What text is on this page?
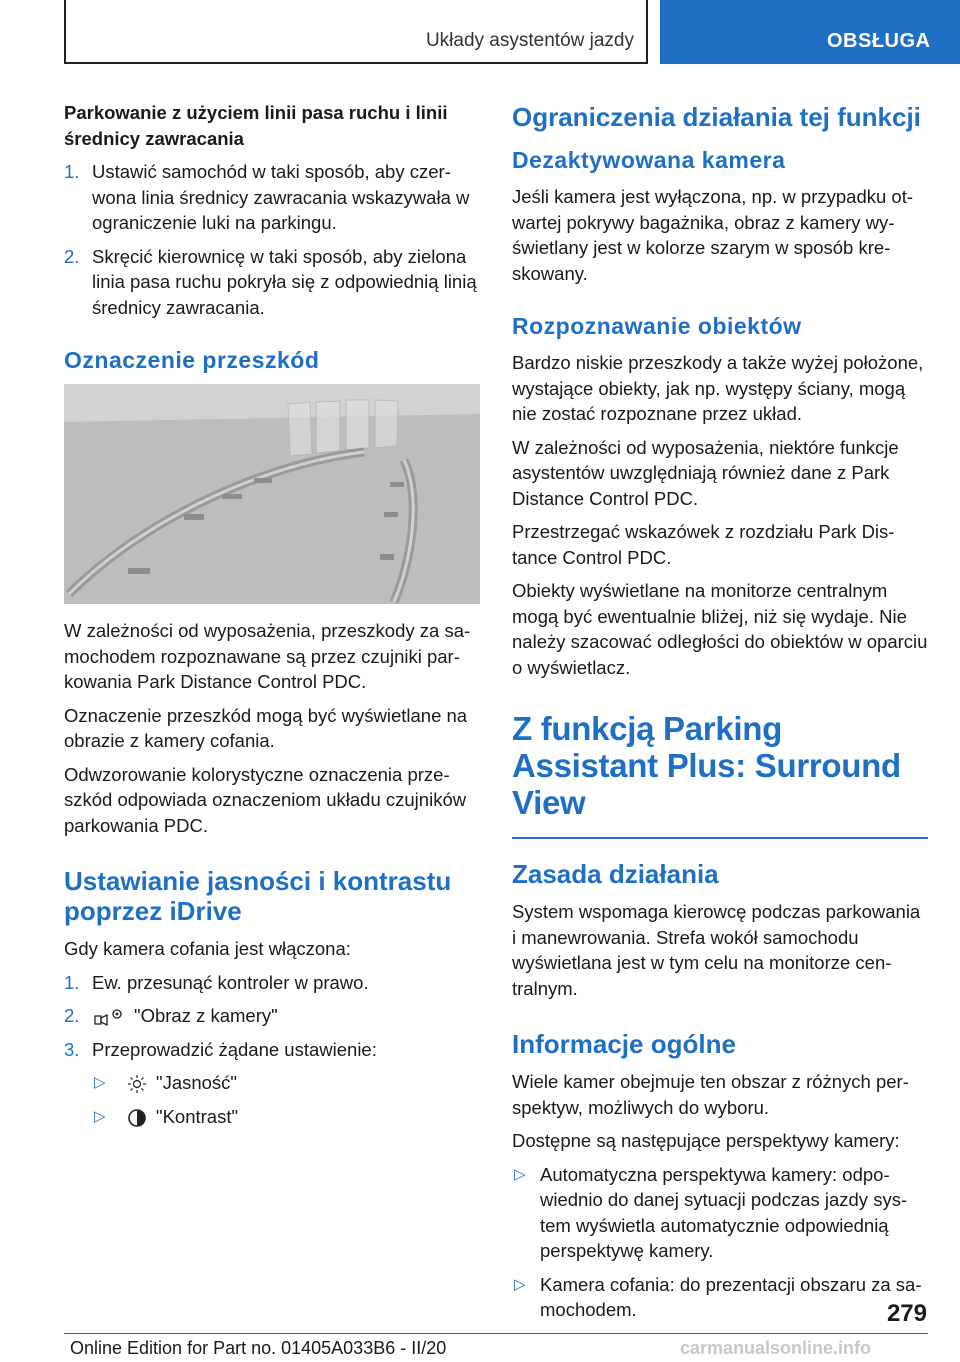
Układy asystentów jazdy	OBSŁUGA
Parkowanie z użyciem linii pasa ruchu i linii średnicy zawracania
1. Ustawić samochód w taki sposób, aby czerwona linia średnicy zawracania wskazywała w ograniczenie luki na parkingu.
2. Skręcić kierownicę w taki sposób, aby zielona linia pasa ruchu pokryła się z odpowiednią linią średnicy zawracania.
Oznaczenie przeszkód

W zależności od wyposażenia, przeszkody za samochodem rozpoznawane są przez czujniki parkowania Park Distance Control PDC.

Oznaczenie przeszkód mogą być wyświetlane na obrazie z kamery cofania.

Odwzorowanie kolorystyczne oznaczenia przeszkód odpowiada oznaczeniom układu czujników parkowania PDC.

Ustawianie jasności i kontrastu poprzez iDrive

Gdy kamera cofania jest włączona:

1. Ew. przesunąć kontroler w prawo.
2.	"Obraz z kamery"
3. Przeprowadzić żądane ustawienie:
▷	"Jasność"
▷	"Kontrast"
Ograniczenia działania tej funkcji
Dezaktywowana kamera

Jeśli kamera jest wyłączona, np. w przypadku otwartej pokrywy bagażnika, obraz z kamery wyświetlany jest w kolorze szarym w sposób kreskowany.

Rozpoznawanie obiektów

Bardzo niskie przeszkody a także wyżej położone, wystające obiekty, jak np. występy ściany, mogą nie zostać rozpoznane przez układ.

W zależności od wyposażenia, niektóre funkcje asystentów uwzględniają również dane z Park Distance Control PDC.

Przestrzegać wskazówek z rozdziału Park Distance Control PDC.

Obiekty wyświetlane na monitorze centralnym mogą być ewentualnie bliżej, niż się wydaje. Nie należy szacować odległości do obiektów w oparciu o wyświetlacz.

Z funkcją Parking Assistant Plus: Surround View
Zasada działania

System wspomaga kierowcę podczas parkowania i manewrowania. Strefa wokół samochodu wyświetlana jest w tym celu na monitorze centralnym.

Informacje ogólne

Wiele kamer obejmuje ten obszar z różnych perspektyw, możliwych do wyboru.

Dostępne są następujące perspektywy kamery:

▷ Automatyczna perspektywa kamery: odpowiednio do danej sytuacji podczas jazdy system wyświetla automatycznie odpowiednią perspektywę kamery.
▷ Kamera cofania: do prezentacji obszaru za samochodem.	279
Online Edition for Part no. 01405A033B6 - II/20	carmanualsonline.info
